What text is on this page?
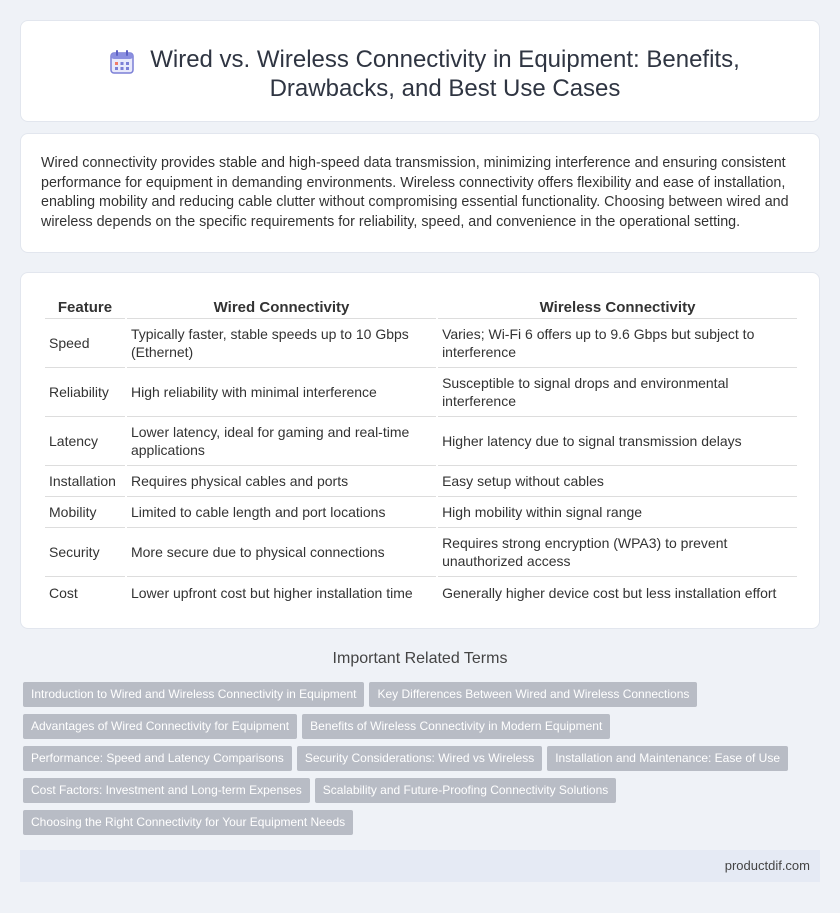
Wired vs. Wireless Connectivity in Equipment: Benefits, Drawbacks, and Best Use Cases

Wired connectivity provides stable and high-speed data transmission, minimizing interference and ensuring consistent performance for equipment in demanding environments. Wireless connectivity offers flexibility and ease of installation, enabling mobility and reducing cable clutter without compromising essential functionality. Choosing between wired and wireless depends on the specific requirements for reliability, speed, and convenience in the operational setting.

Feature	Wired Connectivity	Wireless Connectivity
Speed	Typically faster, stable speeds up to 10 Gbps (Ethernet)	Varies; Wi-Fi 6 offers up to 9.6 Gbps but subject to interference
Reliability	High reliability with minimal interference	Susceptible to signal drops and environmental interference
Latency	Lower latency, ideal for gaming and real-time applications	Higher latency due to signal transmission delays
Installation	Requires physical cables and ports	Easy setup without cables
Mobility	Limited to cable length and port locations	High mobility within signal range
Security	More secure due to physical connections	Requires strong encryption (WPA3) to prevent unauthorized access
Cost	Lower upfront cost but higher installation time	Generally higher device cost but less installation effort
Important Related Terms
Introduction to Wired and Wireless Connectivity in Equipment Key Differences Between Wired and Wireless Connections
Advantages of Wired Connectivity for Equipment Benefits of Wireless Connectivity in Modern Equipment
Performance: Speed and Latency Comparisons Security Considerations: Wired vs Wireless Installation and Maintenance: Ease of Use
Cost Factors: Investment and Long-term Expenses Scalability and Future-Proofing Connectivity Solutions
Choosing the Right Connectivity for Your Equipment Needs
productdif.com
